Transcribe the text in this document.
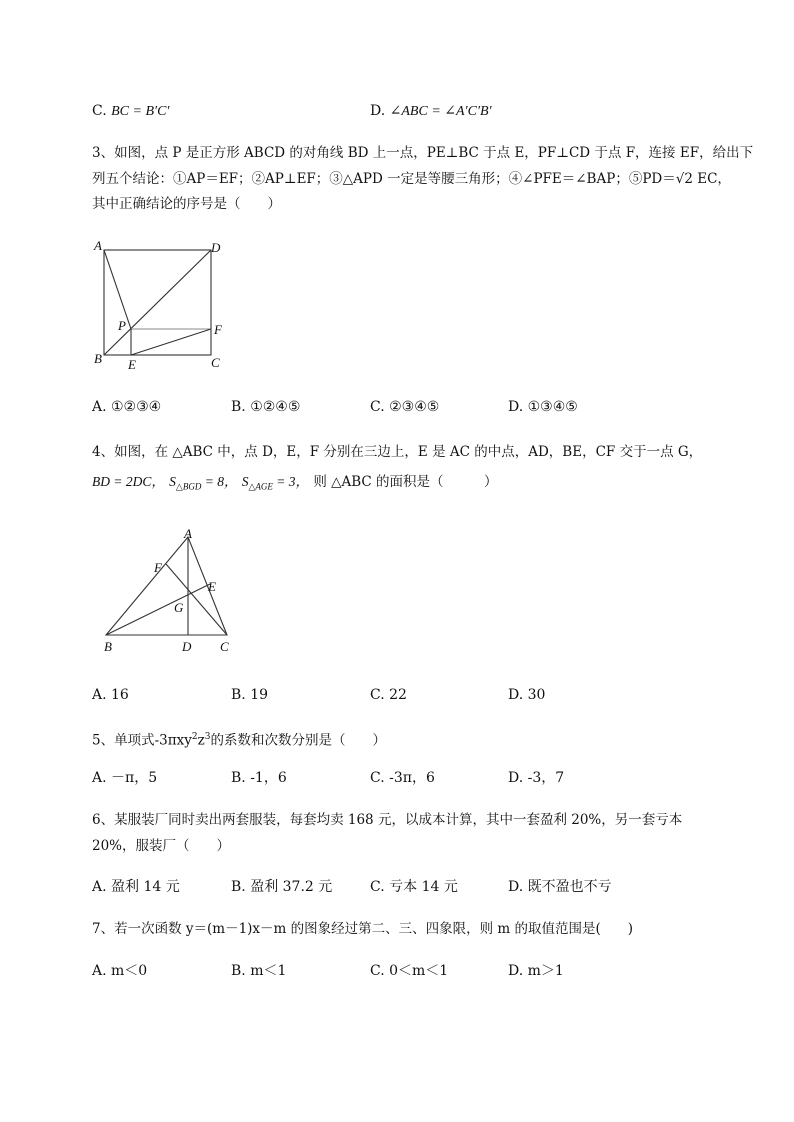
C. BC = B′C′	D. ∠ABC = ∠A′C′B′
3、如图，点 P 是正方形 ABCD 的对角线 BD 上一点，PE⊥BC 于点 E，PF⊥CD 于点 F，连接 EF，给出下
列五个结论：①AP＝EF；②AP⊥EF；③△APD 一定是等腰三角形；④∠PFE＝∠BAP；⑤PD＝√2 EC，
其中正确结论的序号是（　　）
A	D
P	F
B E	C
A. ①②③④	B. ①②④⑤	C. ②③④⑤	D. ①③④⑤
4、如图，在 △ABC 中，点 D，E，F 分别在三边上，E 是 AC 的中点，AD，BE，CF 交于一点 G，
BD = 2DC， $S_{\triangle BGD} = 8$， $S_{\triangle AGE} = 3$， 则 △ABC 的面积是（　　　）
A
F
E
G
B	D C
A. 16	B. 19	C. 22	D. 30
5、单项式$-3\pi xy^2z^3$的系数和次数分别是（　　）
A. －π，5	B. -1，6	C. -3π，6	D. -3，7
6、某服装厂同时卖出两套服装，每套均卖 168 元，以成本计算，其中一套盈利 20%，另一套亏本
20%，服装厂（　　）
A. 盈利 14 元	B. 盈利 37.2 元	C. 亏本 14 元	D. 既不盈也不亏
7、若一次函数 y＝(m－1)x－m 的图象经过第二、三、四象限，则 m 的取值范围是(　　)
A. m＜0	B. m＜1	C. 0＜m＜1	D. m＞1
